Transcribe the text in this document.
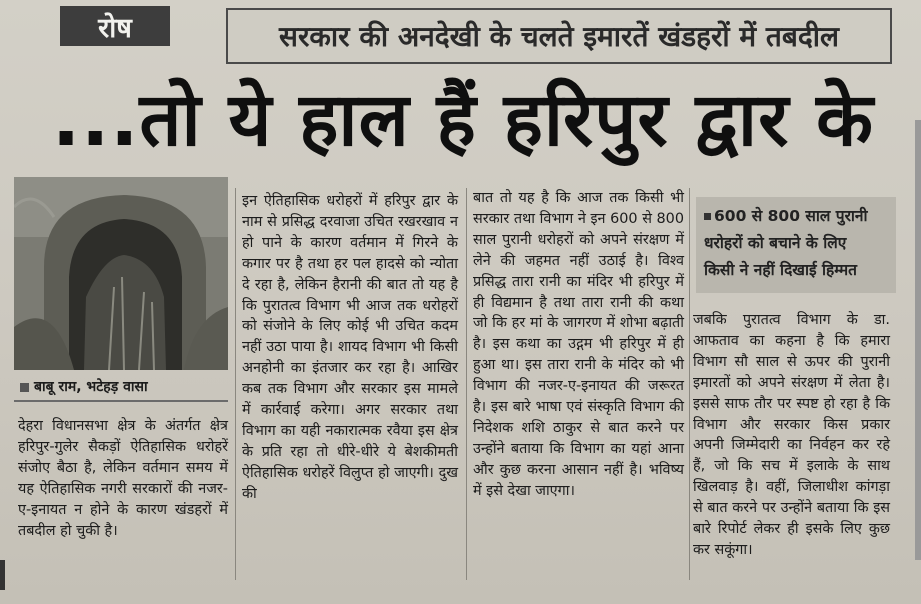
रोष	सरकार की अनदेखी के चलते इमारतें खंडहरों में तबदील
...तो ये हाल हैं हरिपुर द्वार के
बाबू राम, भटेहड़ वासा

देहरा विधानसभा क्षेत्र के अंतर्गत क्षेत्र हरिपुर-गुलेर सैकड़ों ऐतिहासिक धरोहरें संजोए बैठा है, लेकिन वर्तमान समय में यह ऐतिहासिक नगरी सरकारों की नजर-ए-इनायत न होने के कारण खंडहरों में तबदील हो चुकी है।

इन ऐतिहासिक धरोहरों में हरिपुर द्वार के नाम से प्रसिद्ध दरवाजा उचित रखरखाव न हो पाने के कारण वर्तमान में गिरने के कगार पर है तथा हर पल हादसे को न्योता दे रहा है, लेकिन हैरानी की बात तो यह है कि पुरातत्व विभाग भी आज तक धरोहरों को संजोने के लिए कोई भी उचित कदम नहीं उठा पाया है। शायद विभाग भी किसी अनहोनी का इंतजार कर रहा है। आखिर कब तक विभाग और सरकार इस मामले में कार्रवाई करेगा। अगर सरकार तथा विभाग का यही नकारात्मक रवैया इस क्षेत्र के प्रति रहा तो धीरे-धीरे ये बेशकीमती ऐतिहासिक धरोहरें विलुप्त हो जाएगी। दुख की

बात तो यह है कि आज तक किसी भी सरकार तथा विभाग ने इन 600 से 800 साल पुरानी धरोहरों को अपने संरक्षण में लेने की जहमत नहीं उठाई है। विश्व प्रसिद्ध तारा रानी का मंदिर भी हरिपुर में ही विद्यमान है तथा तारा रानी की कथा जो कि हर मां के जागरण में शोभा बढ़ाती है। इस कथा का उद्गम भी हरिपुर में ही हुआ था। इस तारा रानी के मंदिर को भी विभाग की नजर-ए-इनायत की जरूरत है। इस बारे भाषा एवं संस्कृति विभाग की निदेशक शशि ठाकुर से बात करने पर उन्होंने बताया कि विभाग का यहां आना और कुछ करना आसान नहीं है। भविष्य में इसे देखा जाएगा।

600 से 800 साल पुरानी
धरोहरों को बचाने के लिए
किसी ने नहीं दिखाई हिम्मत

जबकि पुरातत्व विभाग के डा. आफताव का कहना है कि हमारा विभाग सौ साल से ऊपर की पुरानी इमारतों को अपने संरक्षण में लेता है। इससे साफ तौर पर स्पष्ट हो रहा है कि विभाग और सरकार किस प्रकार अपनी जिम्मेदारी का निर्वहन कर रहे हैं, जो कि सच में इलाके के साथ खिलवाड़ है। वहीं, जिलाधीश कांगड़ा से बात करने पर उन्होंने बताया कि इस बारे रिपोर्ट लेकर ही इसके लिए कुछ कर सकूंगा।
